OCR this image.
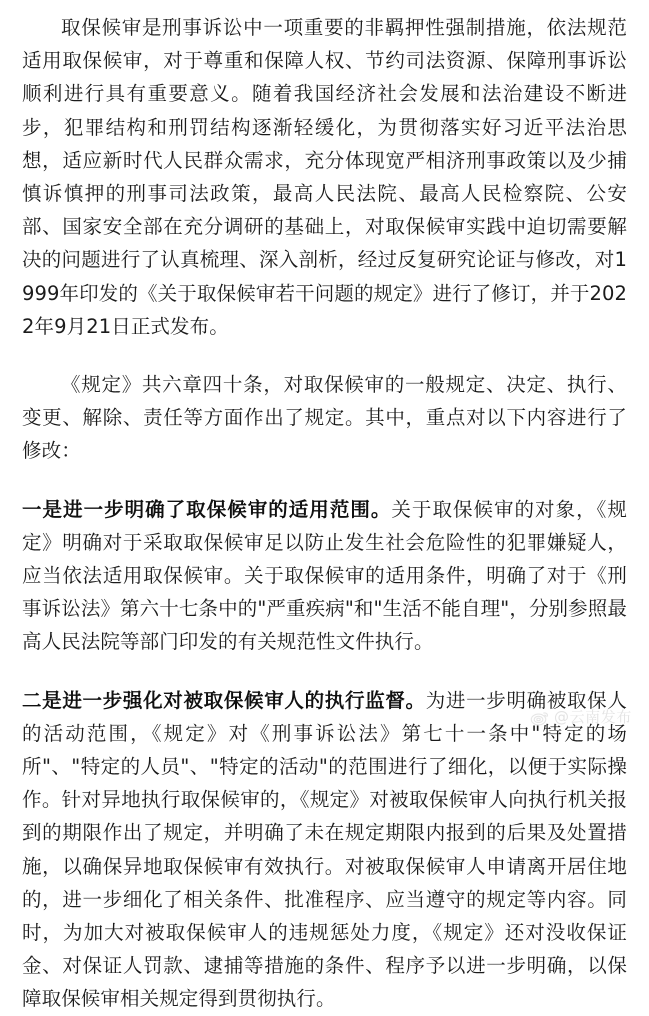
取保候审是刑事诉讼中一项重要的非羁押性强制措施，依法规范适用取保候审，对于尊重和保障人权、节约司法资源、保障刑事诉讼顺利进行具有重要意义。随着我国经济社会发展和法治建设不断进步，犯罪结构和刑罚结构逐渐轻缓化，为贯彻落实好习近平法治思想，适应新时代人民群众需求，充分体现宽严相济刑事政策以及少捕慎诉慎押的刑事司法政策，最高人民法院、最高人民检察院、公安部、国家安全部在充分调研的基础上，对取保候审实践中迫切需要解决的问题进行了认真梳理、深入剖析，经过反复研究论证与修改，对1999年印发的《关于取保候审若干问题的规定》进行了修订，并于2022年9月21日正式发布。

《规定》共六章四十条，对取保候审的一般规定、决定、执行、变更、解除、责任等方面作出了规定。其中，重点对以下内容进行了修改：

一是进一步明确了取保候审的适用范围。关于取保候审的对象，《规定》明确对于采取取保候审足以防止发生社会危险性的犯罪嫌疑人，应当依法适用取保候审。关于取保候审的适用条件，明确了对于《刑事诉讼法》第六十七条中的"严重疾病"和"生活不能自理"，分别参照最高人民法院等部门印发的有关规范性文件执行。

二是进一步强化对被取保候审人的执行监督。为进一步明确被取保人的活动范围，《规定》对《刑事诉讼法》第七十一条中"特定的场所"、"特定的人员"、"特定的活动"的范围进行了细化，以便于实际操作。针对异地执行取保候审的，《规定》对被取保候审人向执行机关报到的期限作出了规定，并明确了未在规定期限内报到的后果及处置措施，以确保异地取保候审有效执行。对被取保候审人申请离开居住地的，进一步细化了相关条件、批准程序、应当遵守的规定等内容。同时，为加大对被取保候审人的违规惩处力度，《规定》还对没收保证金、对保证人罚款、逮捕等措施的条件、程序予以进一步明确，以保障取保候审相关规定得到贯彻执行。

@云南发布
